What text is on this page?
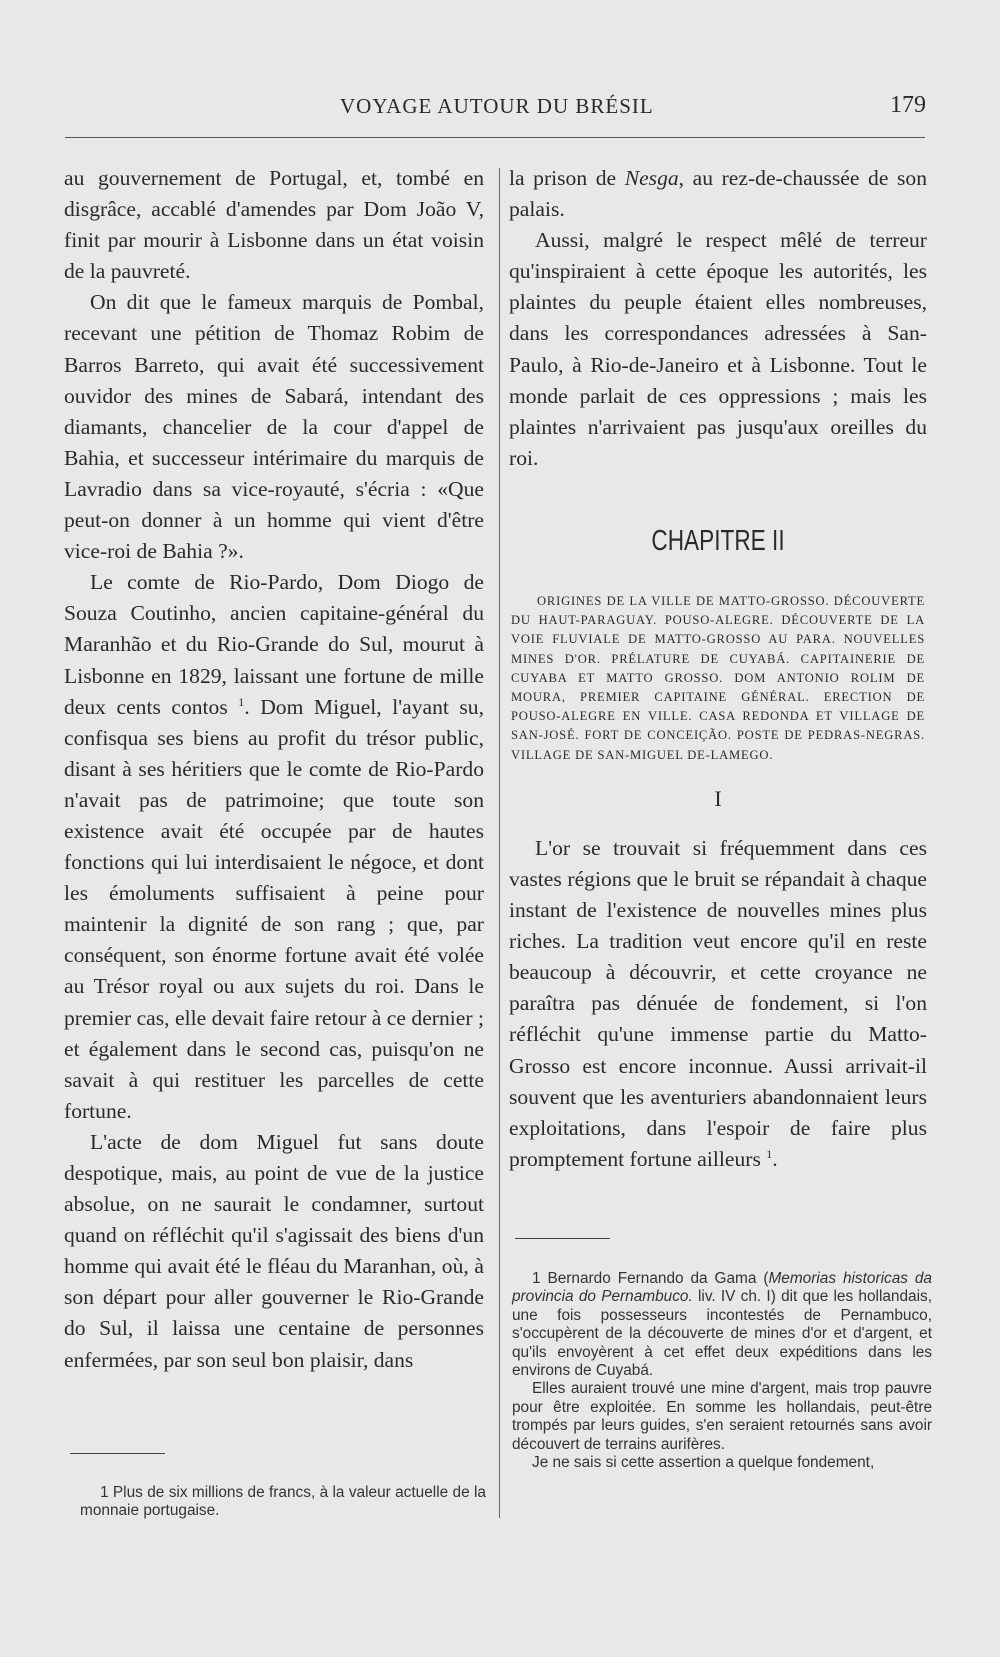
VOYAGE AUTOUR DU BRÉSIL	179

au gouvernement de Portugal, et, tombé en disgrâce, accablé d'amendes par Dom João V, finit par mourir à Lisbonne dans un état voisin de la pauvreté.

On dit que le fameux marquis de Pombal, recevant une pétition de Thomaz Robim de Barros Barreto, qui avait été successivement ouvidor des mines de Sabará, intendant des diamants, chancelier de la cour d'appel de Bahia, et successeur intérimaire du marquis de Lavradio dans sa vice-royauté, s'écria : «Que peut-on donner à un homme qui vient d'être vice-roi de Bahia ?».

Le comte de Rio-Pardo, Dom Diogo de Souza Coutinho, ancien capitaine-général du Maranhão et du Rio-Grande do Sul, mourut à Lisbonne en 1829, laissant une fortune de mille deux cents contos $^1$. Dom Miguel, l'ayant su, confisqua ses biens au profit du trésor public, disant à ses héritiers que le comte de Rio-Pardo n'avait pas de patrimoine; que toute son existence avait été occupée par de hautes fonctions qui lui interdisaient le négoce, et dont les émoluments suffisaient à peine pour maintenir la dignité de son rang ; que, par conséquent, son énorme fortune avait été volée au Trésor royal ou aux sujets du roi. Dans le premier cas, elle devait faire retour à ce dernier ; et également dans le second cas, puisqu'on ne savait à qui restituer les parcelles de cette fortune.

L'acte de dom Miguel fut sans doute despotique, mais, au point de vue de la justice absolue, on ne saurait le condamner, surtout quand on réfléchit qu'il s'agissait des biens d'un homme qui avait été le fléau du Maranhan, où, à son départ pour aller gouverner le Rio-Grande do Sul, il laissa une centaine de personnes enfermées, par son seul bon plaisir, dans

1 Plus de six millions de francs, à la valeur actuelle de la monnaie portugaise.

la prison de Nesga, au rez-de-chaussée de son palais.

Aussi, malgré le respect mêlé de terreur qu'inspiraient à cette époque les autorités, les plaintes du peuple étaient elles nombreuses, dans les correspondances adressées à San-Paulo, à Rio-de-Janeiro et à Lisbonne. Tout le monde parlait de ces oppressions ; mais les plaintes n'arrivaient pas jusqu'aux oreilles du roi.

CHAPITRE II

ORIGINES DE LA VILLE DE MATTO-GROSSO. DÉCOUVERTE DU HAUT-PARAGUAY. POUSO-ALEGRE. DÉCOUVERTE DE LA VOIE FLUVIALE DE MATTO-GROSSO AU PARA. NOUVELLES MINES D'OR. PRÉLATURE DE CUYABÁ. CAPITAINERIE DE CUYABA ET MATTO GROSSO. DOM ANTONIO ROLIM DE MOURA, PREMIER CAPITAINE GÉNÉRAL. ERECTION DE POUSO-ALEGRE EN VILLE. CASA REDONDA ET VILLAGE DE SAN-JOSÉ. FORT DE CONCEIÇÃO. POSTE DE PEDRAS-NEGRAS. VILLAGE DE SAN-MIGUEL DE-LAMEGO.

I

L'or se trouvait si fréquemment dans ces vastes régions que le bruit se répandait à chaque instant de l'existence de nouvelles mines plus riches. La tradition veut encore qu'il en reste beaucoup à découvrir, et cette croyance ne paraîtra pas dénuée de fondement, si l'on réfléchit qu'une immense partie du Matto-Grosso est encore inconnue. Aussi arrivait-il souvent que les aventuriers abandonnaient leurs exploitations, dans l'espoir de faire plus promptement fortune ailleurs $^1$.

1 Bernardo Fernando da Gama (Memorias historicas da provincia do Pernambuco. liv. IV ch. I) dit que les hollandais, une fois possesseurs incontestés de Pernambuco, s'occupèrent de la découverte de mines d'or et d'argent, et qu'ils envoyèrent à cet effet deux expéditions dans les environs de Cuyabá.

Elles auraient trouvé une mine d'argent, mais trop pauvre pour être exploitée. En somme les hollandais, peut-être trompés par leurs guides, s'en seraient retournés sans avoir découvert de terrains aurifères.

Je ne sais si cette assertion a quelque fondement,
